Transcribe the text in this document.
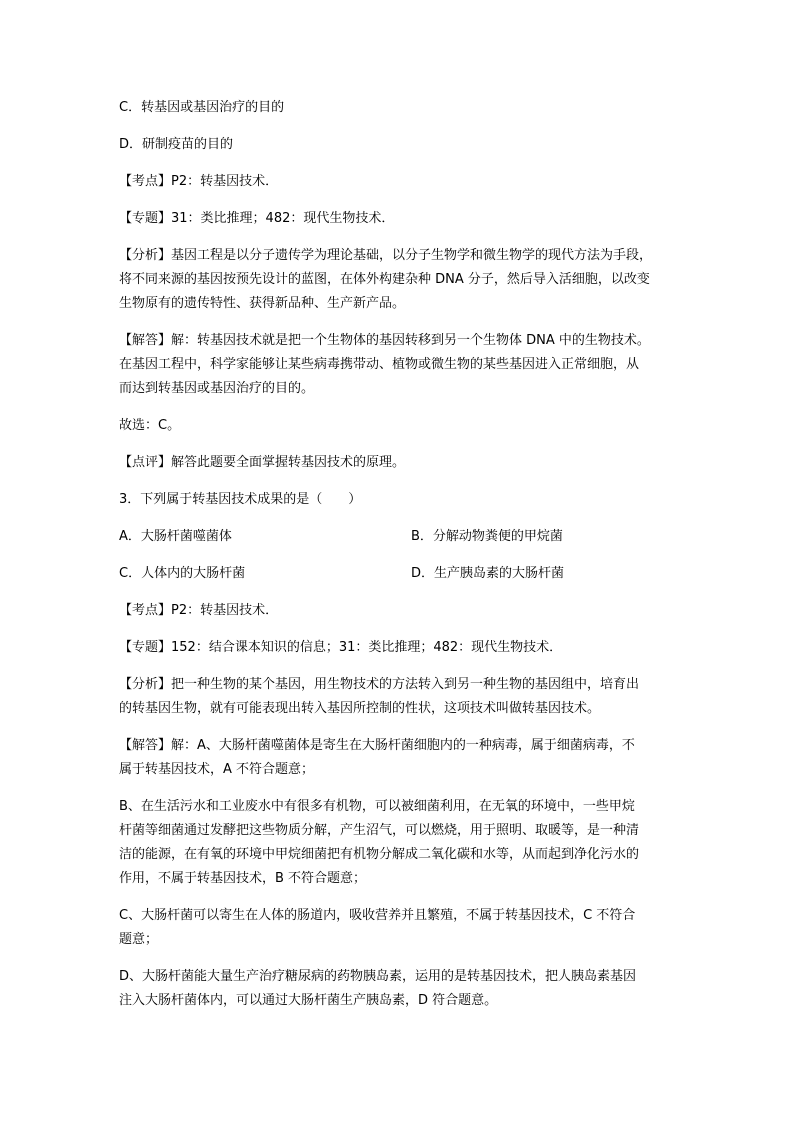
C．转基因或基因治疗的目的
D．研制疫苗的目的
【考点】P2：转基因技术．
【专题】31：类比推理；482：现代生物技术．
【分析】基因工程是以分子遗传学为理论基础，以分子生物学和微生物学的现代方法为手段，
将不同来源的基因按预先设计的蓝图，在体外构建杂种 DNA 分子，然后导入活细胞，以改变
生物原有的遗传特性、获得新品种、生产新产品。
【解答】解：转基因技术就是把一个生物体的基因转移到另一个生物体 DNA 中的生物技术。
在基因工程中，科学家能够让某些病毒携带动、植物或微生物的某些基因进入正常细胞，从
而达到转基因或基因治疗的目的。
故选：C。
【点评】解答此题要全面掌握转基因技术的原理。
3．下列属于转基因技术成果的是（　　）
A．大肠杆菌噬菌体	B．分解动物粪便的甲烷菌
C．人体内的大肠杆菌	D．生产胰岛素的大肠杆菌
【考点】P2：转基因技术．
【专题】152：结合课本知识的信息；31：类比推理；482：现代生物技术．
【分析】把一种生物的某个基因，用生物技术的方法转入到另一种生物的基因组中，培育出
的转基因生物，就有可能表现出转入基因所控制的性状，这项技术叫做转基因技术。
【解答】解：A、大肠杆菌噬菌体是寄生在大肠杆菌细胞内的一种病毒，属于细菌病毒，不
属于转基因技术，A 不符合题意；
B、在生活污水和工业废水中有很多有机物，可以被细菌利用，在无氧的环境中，一些甲烷
杆菌等细菌通过发酵把这些物质分解，产生沼气，可以燃烧，用于照明、取暖等，是一种清
洁的能源，在有氧的环境中甲烷细菌把有机物分解成二氧化碳和水等，从而起到净化污水的
作用，不属于转基因技术，B 不符合题意；
C、大肠杆菌可以寄生在人体的肠道内，吸收营养并且繁殖，不属于转基因技术，C 不符合
题意；
D、大肠杆菌能大量生产治疗糖尿病的药物胰岛素，运用的是转基因技术，把人胰岛素基因
注入大肠杆菌体内，可以通过大肠杆菌生产胰岛素，D 符合题意。
